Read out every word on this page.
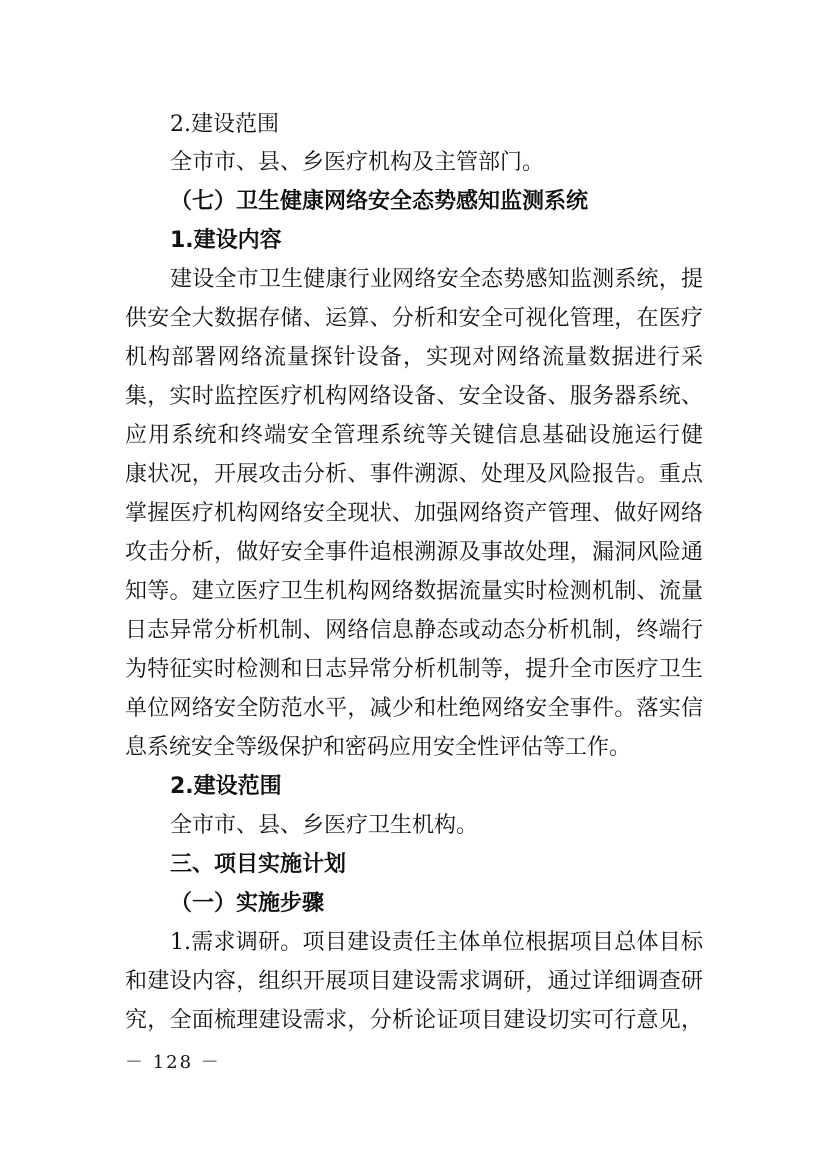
2.建设范围

全市市、县、乡医疗机构及主管部门。

（七）卫生健康网络安全态势感知监测系统

1.建设内容

建设全市卫生健康行业网络安全态势感知监测系统，提

供安全大数据存储、运算、分析和安全可视化管理，在医疗

机构部署网络流量探针设备，实现对网络流量数据进行采

集，实时监控医疗机构网络设备、安全设备、服务器系统、

应用系统和终端安全管理系统等关键信息基础设施运行健

康状况，开展攻击分析、事件溯源、处理及风险报告。重点

掌握医疗机构网络安全现状、加强网络资产管理、做好网络

攻击分析，做好安全事件追根溯源及事故处理，漏洞风险通

知等。建立医疗卫生机构网络数据流量实时检测机制、流量

日志异常分析机制、网络信息静态或动态分析机制，终端行

为特征实时检测和日志异常分析机制等，提升全市医疗卫生

单位网络安全防范水平，减少和杜绝网络安全事件。落实信

息系统安全等级保护和密码应用安全性评估等工作。

2.建设范围

全市市、县、乡医疗卫生机构。

三、项目实施计划

（一）实施步骤

1.需求调研。项目建设责任主体单位根据项目总体目标

和建设内容，组织开展项目建设需求调研，通过详细调查研

究，全面梳理建设需求，分析论证项目建设切实可行意见，

－ 128 －
